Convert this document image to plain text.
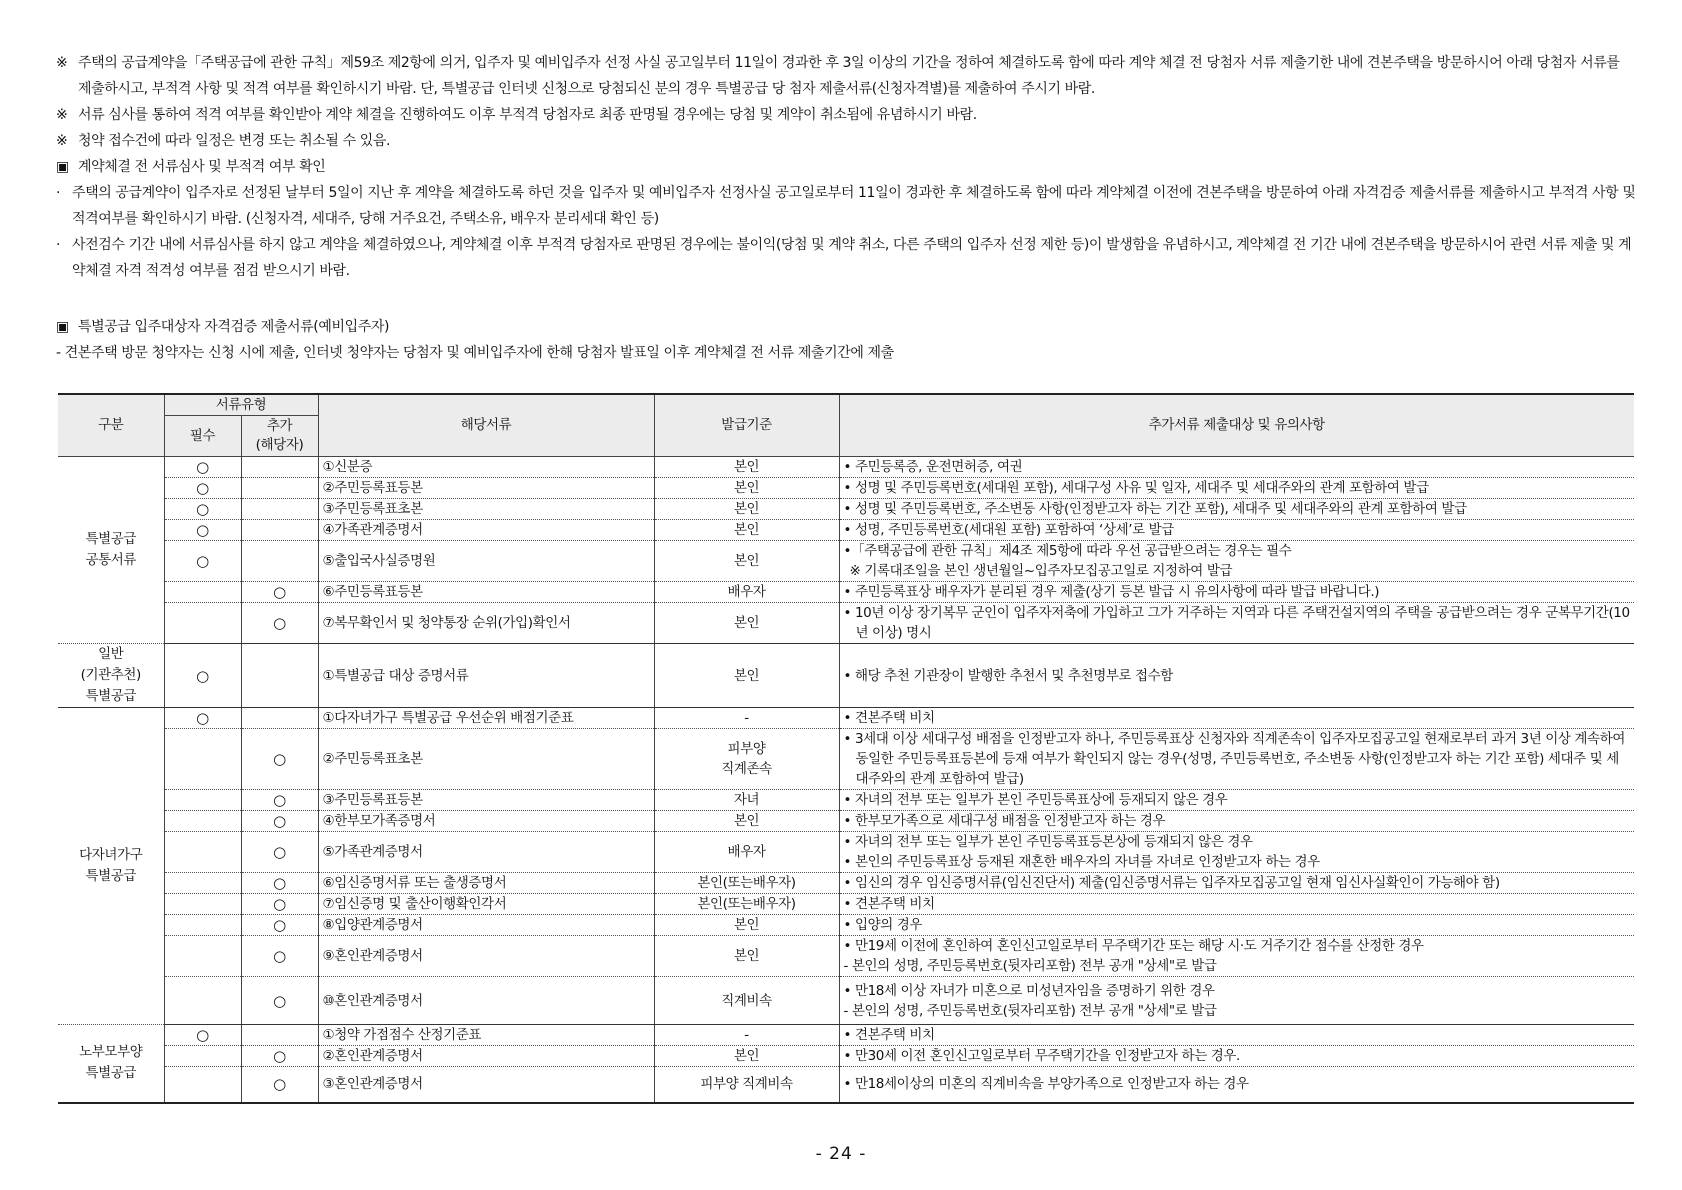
※ 주택의 공급계약을「주택공급에 관한 규칙」제59조 제2항에 의거, 입주자 및 예비입주자 선정 사실 공고일부터 11일이 경과한 후 3일 이상의 기간을 정하여 체결하도록 함에 따라 계약 체결 전 당첨자 서류 제출기한 내에 견본주택을 방문하시어 아래 당첨자 서류를 제출하시고, 부적격 사항 및 적격 여부를 확인하시기 바람. 단, 특별공급 인터넷 신청으로 당첨되신 분의 경우 특별공급 당 첨자 제출서류(신청자격별)를 제출하여 주시기 바람.
※ 서류 심사를 통하여 적격 여부를 확인받아 계약 체결을 진행하여도 이후 부적격 당첨자로 최종 판명될 경우에는 당첨 및 계약이 취소됨에 유념하시기 바람.
※ 청약 접수건에 따라 일정은 변경 또는 취소될 수 있음.
▣ 계약체결 전 서류심사 및 부적격 여부 확인
· 주택의 공급계약이 입주자로 선정된 날부터 5일이 지난 후 계약을 체결하도록 하던 것을 입주자 및 예비입주자 선정사실 공고일로부터 11일이 경과한 후 체결하도록 함에 따라 계약체결 이전에 견본주택을 방문하여 아래 자격검증 제출서류를 제출하시고 부적격 사항 및 적격여부를 확인하시기 바람. (신청자격, 세대주, 당해 거주요건, 주택소유, 배우자 분리세대 확인 등)
· 사전검수 기간 내에 서류심사를 하지 않고 계약을 체결하였으나, 계약체결 이후 부적격 당첨자로 판명된 경우에는 불이익(당첨 및 계약 취소, 다른 주택의 입주자 선정 제한 등)이 발생함을 유념하시고, 계약체결 전 기간 내에 견본주택을 방문하시어 관련 서류 제출 및 계약체결 자격 적격성 여부를 점검 받으시기 바람.
▣ 특별공급 입주대상자 자격검증 제출서류(예비입주자)
- 견본주택 방문 청약자는 신청 시에 제출, 인터넷 청약자는 당첨자 및 예비입주자에 한해 당첨자 발표일 이후 계약체결 전 서류 제출기간에 제출
구분	서류유형		해당서류	발급기준	추가서류 제출대상 및 유의사항
	필수	추가
(해당자)			
특별공급
공통서류	○		①신분증	본인	• 주민등록증, 운전면허증, 여권

	○		②주민등록표등본	본인	• 성명 및 주민등록번호(세대원 포함), 세대구성 사유 및 일자, 세대주 및 세대주와의 관계 포함하여 발급

	○		③주민등록표초본	본인	• 성명 및 주민등록번호, 주소변동 사항(인정받고자 하는 기간 포함), 세대주 및 세대주와의 관계 포함하여 발급

	○		④가족관계증명서	본인	• 성명, 주민등록번호(세대원 포함) 포함하여 ‘상세’로 발급

	○		⑤출입국사실증명원	본인	•「주택공급에 관한 규칙」제4조 제5항에 따라 우선 공급받으려는 경우는 필수
※ 기록대조일을 본인 생년월일~입주자모집공고일로 지정하여 발급

		○	⑥주민등록표등본	배우자	• 주민등록표상 배우자가 분리된 경우 제출(상기 등본 발급 시 유의사항에 따라 발급 바랍니다.)

		○	⑦복무확인서 및 청약통장 순위(가입)확인서	본인	• 10년 이상 장기복무 군인이 입주자저축에 가입하고 그가 거주하는 지역과 다른 주택건설지역의 주택을 공급받으려는 경우 군복무기간(10년 이상) 명시

일반
(기관추천)
특별공급	○		①특별공급 대상 증명서류	본인	• 해당 추천 기관장이 발행한 추천서 및 추천명부로 접수함

다자녀가구
특별공급	○		①다자녀가구 특별공급 우선순위 배점기준표	-	• 견본주택 비치

		○	②주민등록표초본	피부양
직계존속	• 3세대 이상 세대구성 배점을 인정받고자 하나, 주민등록표상 신청자와 직계존속이 입주자모집공고일 현재로부터 과거 3년 이상 계속하여 동일한 주민등록표등본에 등재 여부가 확인되지 않는 경우(성명, 주민등록번호, 주소변동 사항(인정받고자 하는 기간 포함) 세대주 및 세대주와의 관계 포함하여 발급)

		○	③주민등록표등본	자녀	• 자녀의 전부 또는 일부가 본인 주민등록표상에 등재되지 않은 경우

		○	④한부모가족증명서	본인	• 한부모가족으로 세대구성 배점을 인정받고자 하는 경우

		○	⑤가족관계증명서	배우자	• 자녀의 전부 또는 일부가 본인 주민등록표등본상에 등재되지 않은 경우
• 본인의 주민등록표상 등재된 재혼한 배우자의 자녀를 자녀로 인정받고자 하는 경우

		○	⑥임신증명서류 또는 출생증명서	본인(또는배우자)	• 임신의 경우 임신증명서류(임신진단서) 제출(임신증명서류는 입주자모집공고일 현재 임신사실확인이 가능해야 함)

		○	⑦임신증명 및 출산이행확인각서	본인(또는배우자)	• 견본주택 비치

		○	⑧입양관계증명서	본인	• 입양의 경우

		○	⑨혼인관계증명서	본인	• 만19세 이전에 혼인하여 혼인신고일로부터 무주택기간 또는 해당 시·도 거주기간 점수를 산정한 경우
- 본인의 성명, 주민등록번호(뒷자리포함) 전부 공개 "상세"로 발급

		○	⑩혼인관계증명서	직계비속	• 만18세 이상 자녀가 미혼으로 미성년자임을 증명하기 위한 경우
- 본인의 성명, 주민등록번호(뒷자리포함) 전부 공개 "상세"로 발급

노부모부양
특별공급	○		①청약 가점점수 산정기준표	-	• 견본주택 비치

		○	②혼인관계증명서	본인	• 만30세 이전 혼인신고일로부터 무주택기간을 인정받고자 하는 경우.

		○	③혼인관계증명서	피부양 직계비속	• 만18세이상의 미혼의 직계비속을 부양가족으로 인정받고자 하는 경우
- 24 -
